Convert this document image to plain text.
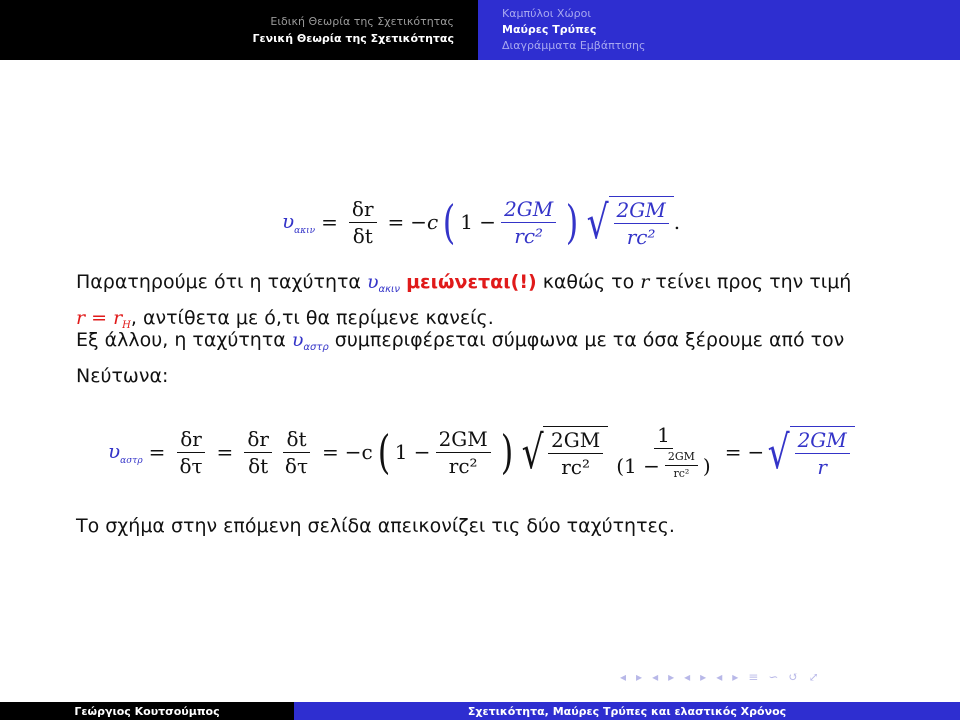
Ειδική Θεωρία της Σχετικότητας
Γενική Θεωρία της Σχετικότητας
Καμπύλοι Χώροι
Μαύρες Τρύπες
Διαγράμματα Εμβάπτισης
$\upsilon_{\alpha\kappa\iota\nu} = \frac{\delta r}{\delta t} = -c$ ( $1 - \frac{2GM}{\text{rc²}}$ ) √ $\frac{2GM}{\text{rc²}}$ .
Παρατηρούμε ότι η ταχύτητα $\upsilon_{\alpha\kappa\iota\nu}$ μειώνεται(!) καθώς το r τείνει προς την τιμή
$r = r_H$, αντίθετα με ό,τι θα περίμενε κανείς.
Εξ άλλου, η ταχύτητα $\upsilon_{\alpha\sigma\tau\rho}$ συμπεριφέρεται σύμφωνα με τα όσα ξέρουμε από τον Νεύτωνα:
$\upsilon_{\alpha\sigma\tau\rho} = \frac{\delta r}{\delta\tau} = \frac{\delta r}{\delta t} \frac{\delta t}{\delta\tau} = -c$ ( $1 - \frac{2GM}{\text{rc²}}$ ) √ $\frac{2GM}{\text{rc²}} \frac{1}{(1 - \frac{2GM}{\text{rc²}} )}$ = − √ $\frac{2GM}{r}$
Το σχήμα στην επόμενη σελίδα απεικονίζει τις δύο ταχύτητες.
◂ ▸ ◂ ▸ ◂ ▸ ◂ ▸ ≡ ∽ ↺ ⤢
Γεώργιος Κουτσούμπος	Σχετικότητα, Μαύρες Τρύπες και ελαστικός Χρόνος
